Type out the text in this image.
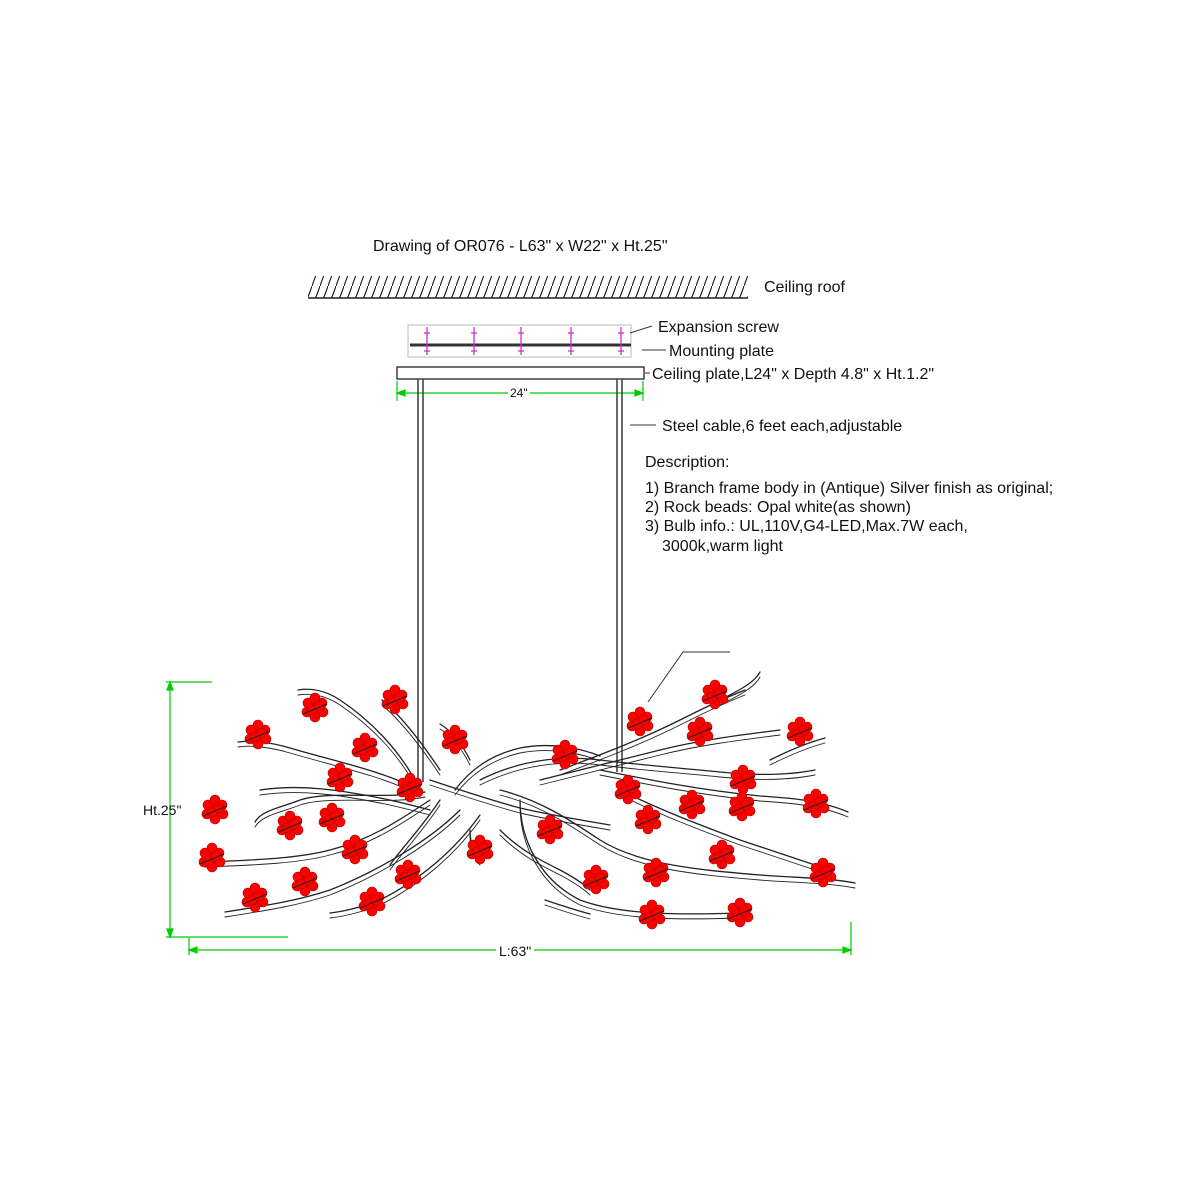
Drawing of OR076 - L63" x W22" x Ht.25"
Ceiling roof
Expansion screw
Mounting plate
Ceiling plate,L24" x Depth 4.8" x Ht.1.2"
Steel cable,6 feet each,adjustable
Description:
1) Branch frame body in (Antique) Silver finish as original;
2) Rock beads: Opal white(as shown)
3) Bulb info.: UL,110V,G4-LED,Max.7W each,
3000k,warm light
24"
Ht.25"
L:63"
